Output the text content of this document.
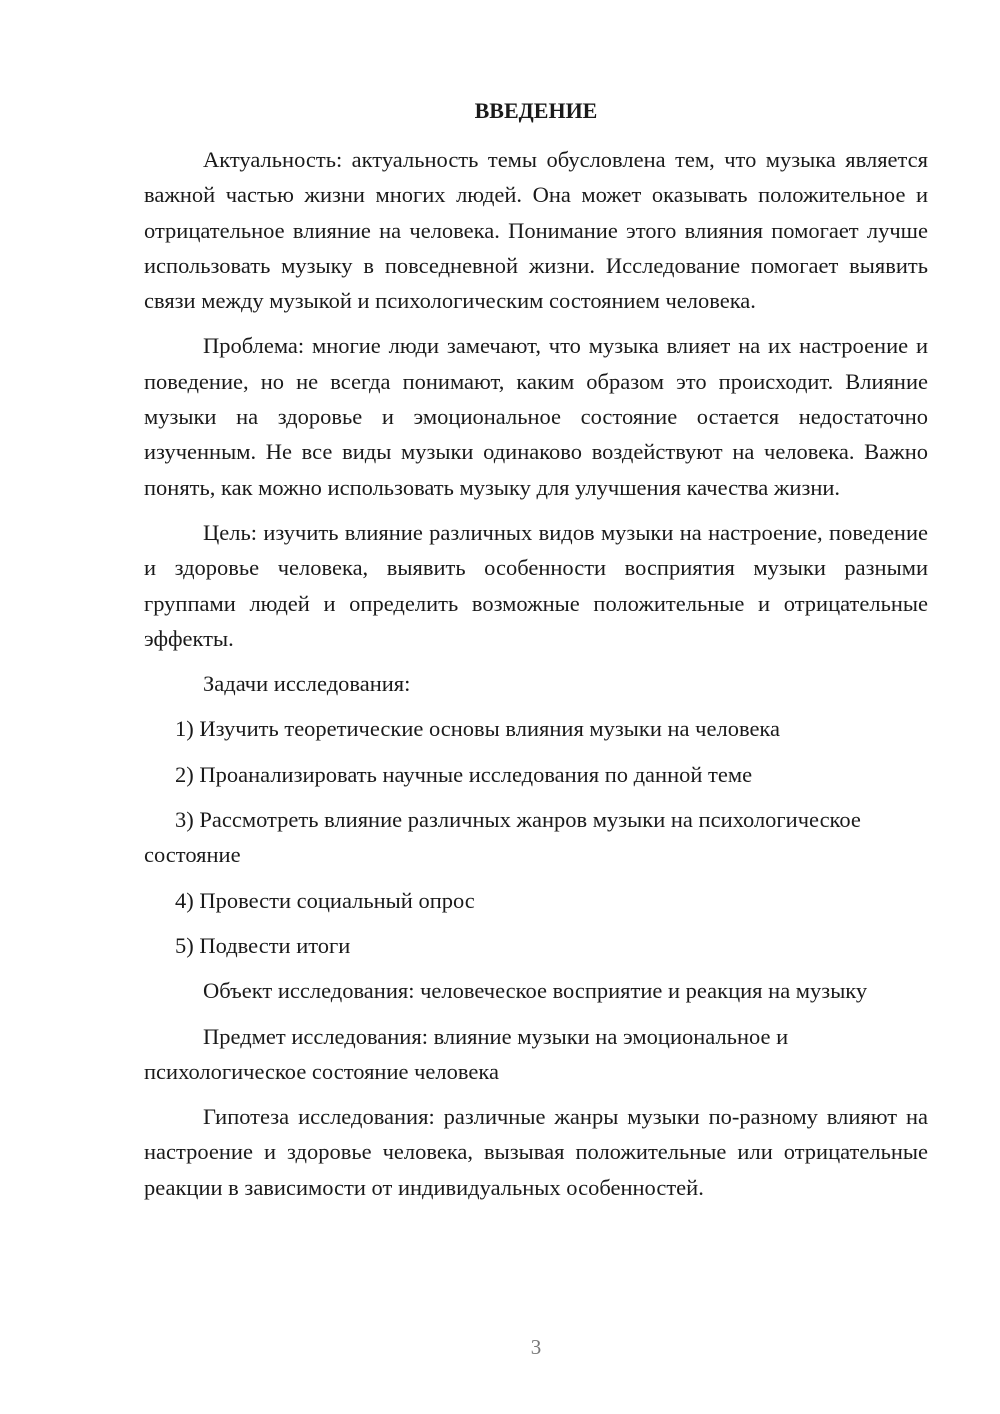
ВВЕДЕНИЕ

Актуальность: актуальность темы обусловлена тем, что музыка является важной частью жизни многих людей. Она может оказывать положительное и отрицательное влияние на человека. Понимание этого влияния помогает лучше использовать музыку в повседневной жизни. Исследование помогает выявить связи между музыкой и психологическим состоянием человека.

Проблема: многие люди замечают, что музыка влияет на их настроение и поведение, но не всегда понимают, каким образом это происходит. Влияние музыки на здоровье и эмоциональное состояние остается недостаточно изученным. Не все виды музыки одинаково воздействуют на человека. Важно понять, как можно использовать музыку для улучшения качества жизни.

Цель: изучить влияние различных видов музыки на настроение, поведение и здоровье человека, выявить особенности восприятия музыки разными группами людей и определить возможные положительные и отрицательные эффекты.

Задачи исследования:

1) Изучить теоретические основы влияния музыки на человека
2) Проанализировать научные исследования по данной теме
3) Рассмотреть влияние различных жанров музыки на психологическое состояние
4) Провести социальный опрос
5) Подвести итоги

Объект исследования: человеческое восприятие и реакция на музыку

Предмет исследования: влияние музыки на эмоциональное и психологическое состояние человека

Гипотеза исследования: различные жанры музыки по-разному влияют на настроение и здоровье человека, вызывая положительные или отрицательные реакции в зависимости от индивидуальных особенностей.

3
